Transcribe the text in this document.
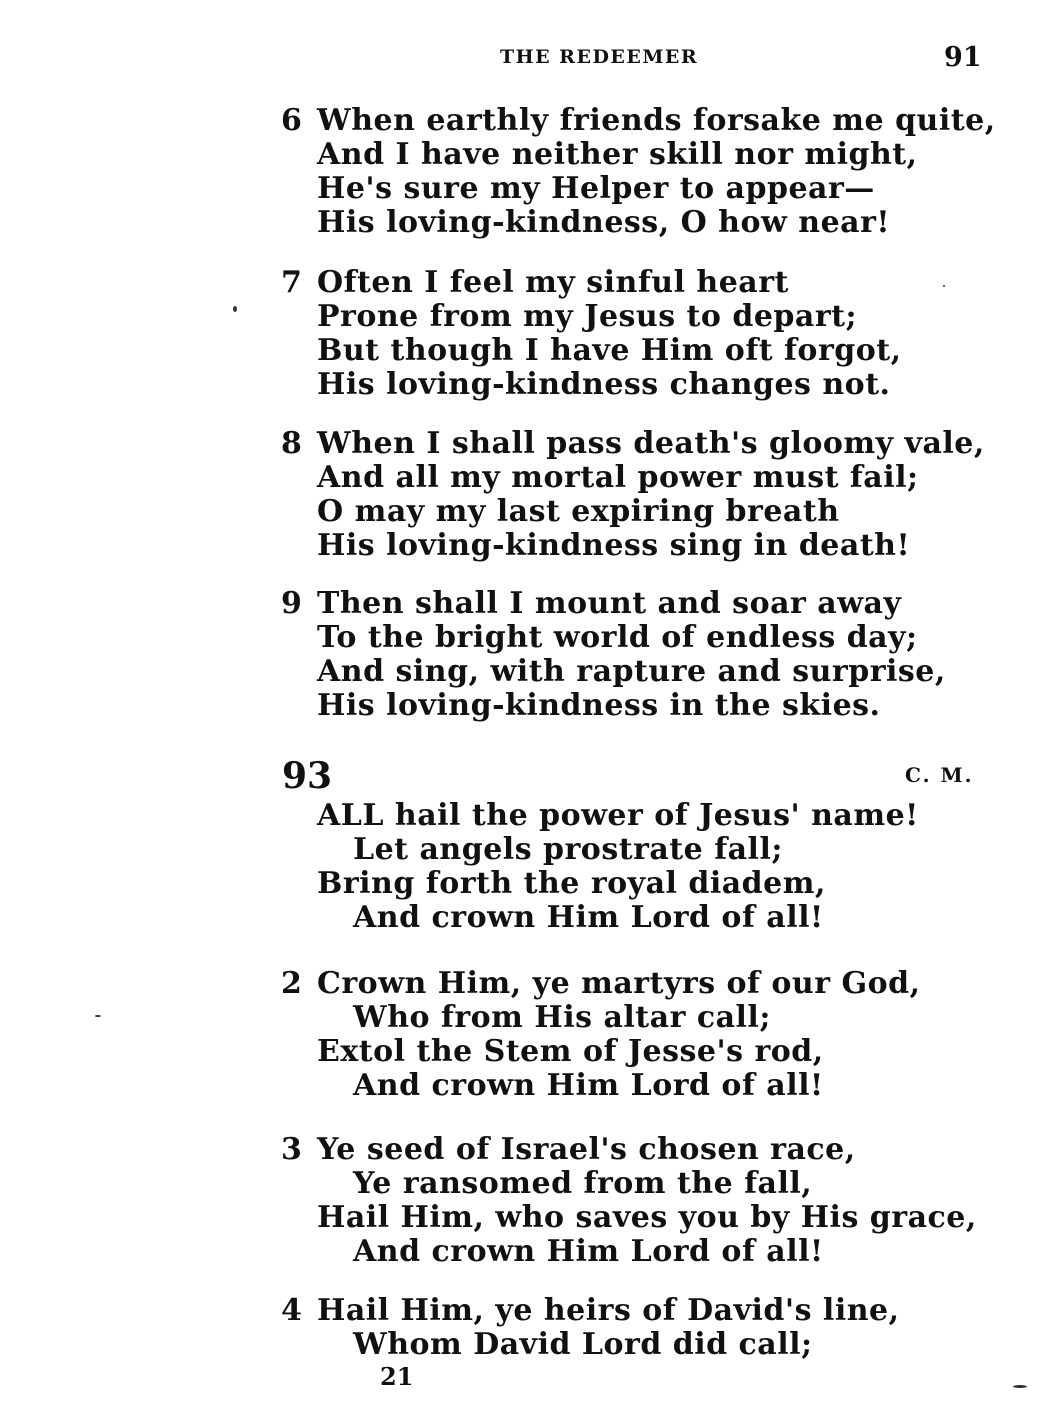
THE REDEEMER	91
6 When earthly friends forsake me quite,
And I have neither skill nor might,
He's sure my Helper to appear—
His loving-kindness, O how near!
7 Often I feel my sinful heart
Prone from my Jesus to depart;
But though I have Him oft forgot,
His loving-kindness changes not.
8 When I shall pass death's gloomy vale,
And all my mortal power must fail;
O may my last expiring breath
His loving-kindness sing in death!
9 Then shall I mount and soar away
To the bright world of endless day;
And sing, with rapture and surprise,
His loving-kindness in the skies.
93	C. M.
ALL hail the power of Jesus' name!
Let angels prostrate fall;
Bring forth the royal diadem,
And crown Him Lord of all!
2 Crown Him, ye martyrs of our God,
Who from His altar call;
Extol the Stem of Jesse's rod,
And crown Him Lord of all!
3 Ye seed of Israel's chosen race,
Ye ransomed from the fall,
Hail Him, who saves you by His grace,
And crown Him Lord of all!
4 Hail Him, ye heirs of David's line,
Whom David Lord did call;
21
